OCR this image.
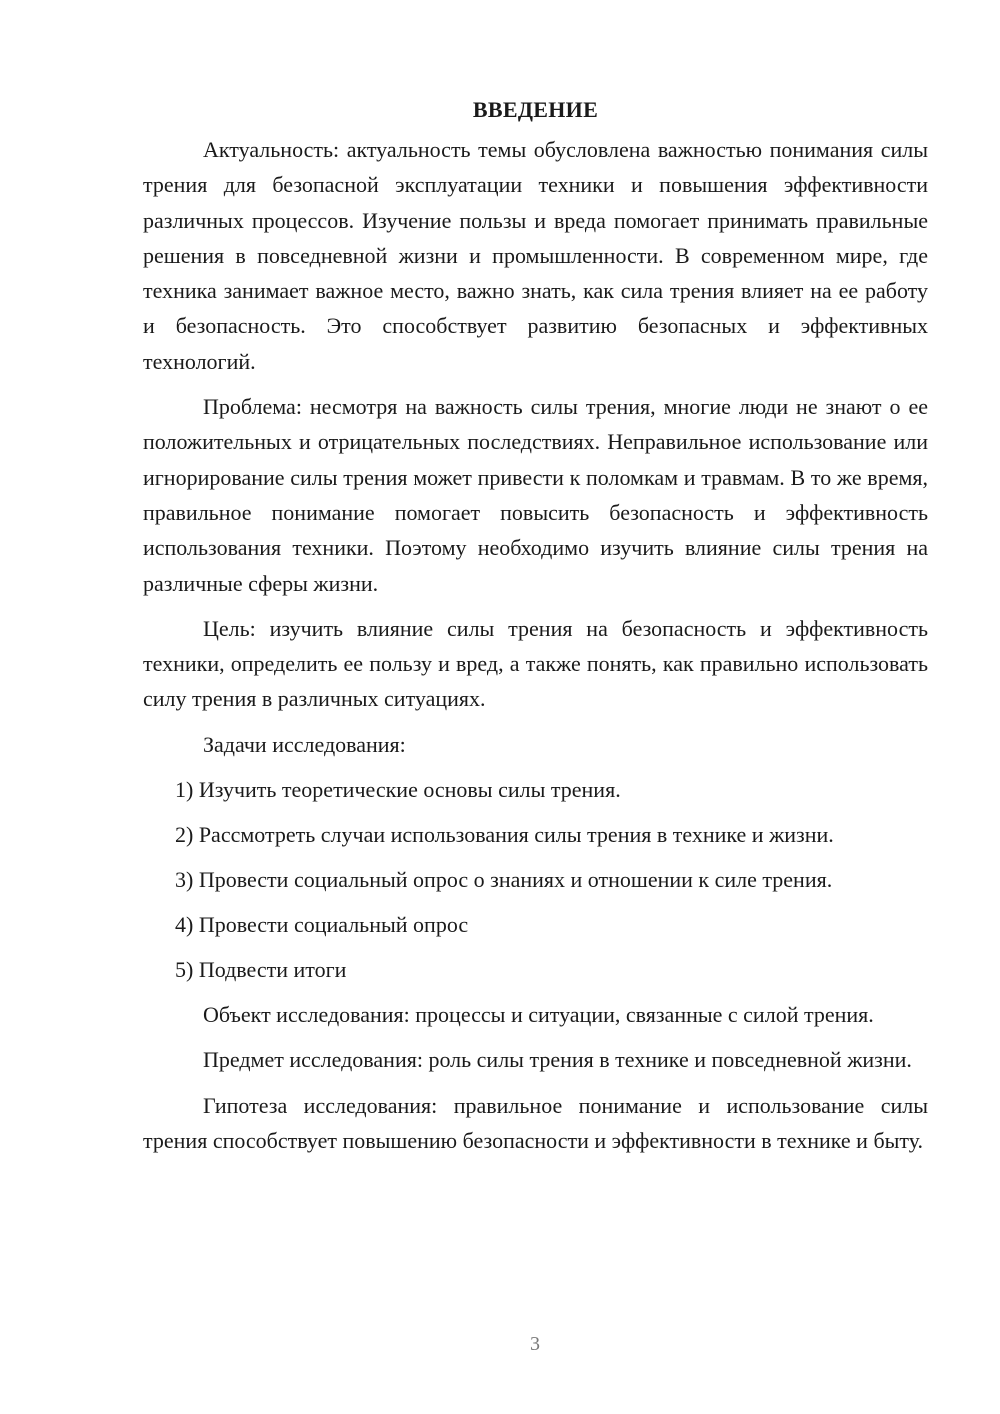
ВВЕДЕНИЕ

Актуальность: актуальность темы обусловлена важностью понимания силы трения для безопасной эксплуатации техники и повышения эффективности различных процессов. Изучение пользы и вреда помогает принимать правильные решения в повседневной жизни и промышленности. В современном мире, где техника занимает важное место, важно знать, как сила трения влияет на ее работу и безопасность. Это способствует развитию безопасных и эффективных технологий.

Проблема: несмотря на важность силы трения, многие люди не знают о ее положительных и отрицательных последствиях. Неправильное использование или игнорирование силы трения может привести к поломкам и травмам. В то же время, правильное понимание помогает повысить безопасность и эффективность использования техники. Поэтому необходимо изучить влияние силы трения на различные сферы жизни.

Цель: изучить влияние силы трения на безопасность и эффективность техники, определить ее пользу и вред, а также понять, как правильно использовать силу трения в различных ситуациях.

Задачи исследования:

1) Изучить теоретические основы силы трения.
2) Рассмотреть случаи использования силы трения в технике и жизни.
3) Провести социальный опрос о знаниях и отношении к силе трения.
4) Провести социальный опрос
5) Подвести итоги

Объект исследования: процессы и ситуации, связанные с силой трения.

Предмет исследования: роль силы трения в технике и повседневной жизни.

Гипотеза исследования: правильное понимание и использование силы трения способствует повышению безопасности и эффективности в технике и быту.

3
